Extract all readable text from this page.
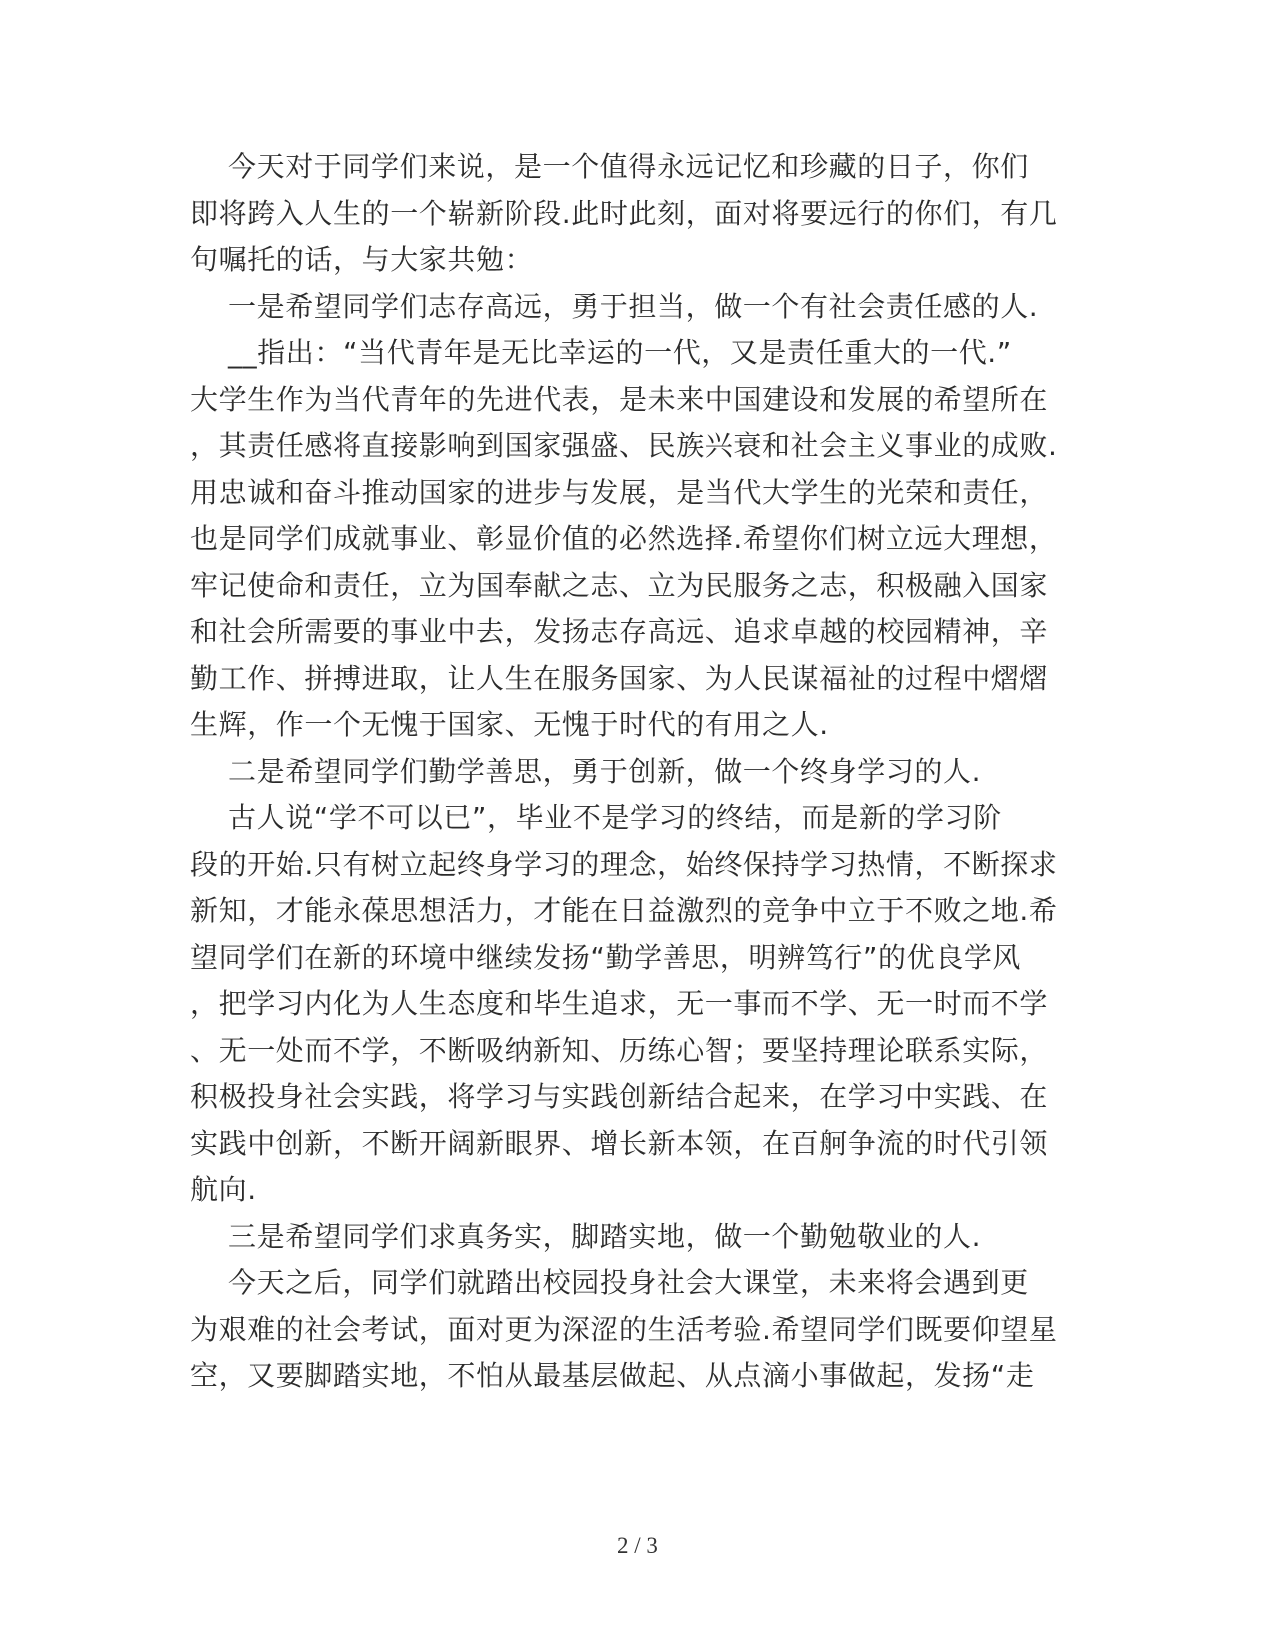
今天对于同学们来说，是一个值得永远记忆和珍藏的日子，你们

即将跨入人生的一个崭新阶段.此时此刻，面对将要远行的你们，有几

句嘱托的话，与大家共勉：

一是希望同学们志存高远，勇于担当，做一个有社会责任感的人.

__指出：“当代青年是无比幸运的一代，又是责任重大的一代.”

大学生作为当代青年的先进代表，是未来中国建设和发展的希望所在

，其责任感将直接影响到国家强盛、民族兴衰和社会主义事业的成败.

用忠诚和奋斗推动国家的进步与发展，是当代大学生的光荣和责任，

也是同学们成就事业、彰显价值的必然选择.希望你们树立远大理想，

牢记使命和责任，立为国奉献之志、立为民服务之志，积极融入国家

和社会所需要的事业中去，发扬志存高远、追求卓越的校园精神，辛

勤工作、拼搏进取，让人生在服务国家、为人民谋福祉的过程中熠熠

生辉，作一个无愧于国家、无愧于时代的有用之人.

二是希望同学们勤学善思，勇于创新，做一个终身学习的人.

古人说“学不可以已”，毕业不是学习的终结，而是新的学习阶

段的开始.只有树立起终身学习的理念，始终保持学习热情，不断探求

新知，才能永葆思想活力，才能在日益激烈的竞争中立于不败之地.希

望同学们在新的环境中继续发扬“勤学善思，明辨笃行”的优良学风

，把学习内化为人生态度和毕生追求，无一事而不学、无一时而不学

、无一处而不学，不断吸纳新知、历练心智；要坚持理论联系实际，

积极投身社会实践，将学习与实践创新结合起来，在学习中实践、在

实践中创新，不断开阔新眼界、增长新本领，在百舸争流的时代引领

航向.

三是希望同学们求真务实，脚踏实地，做一个勤勉敬业的人.

今天之后，同学们就踏出校园投身社会大课堂，未来将会遇到更

为艰难的社会考试，面对更为深涩的生活考验.希望同学们既要仰望星

空，又要脚踏实地，不怕从最基层做起、从点滴小事做起，发扬“走

2 / 3
